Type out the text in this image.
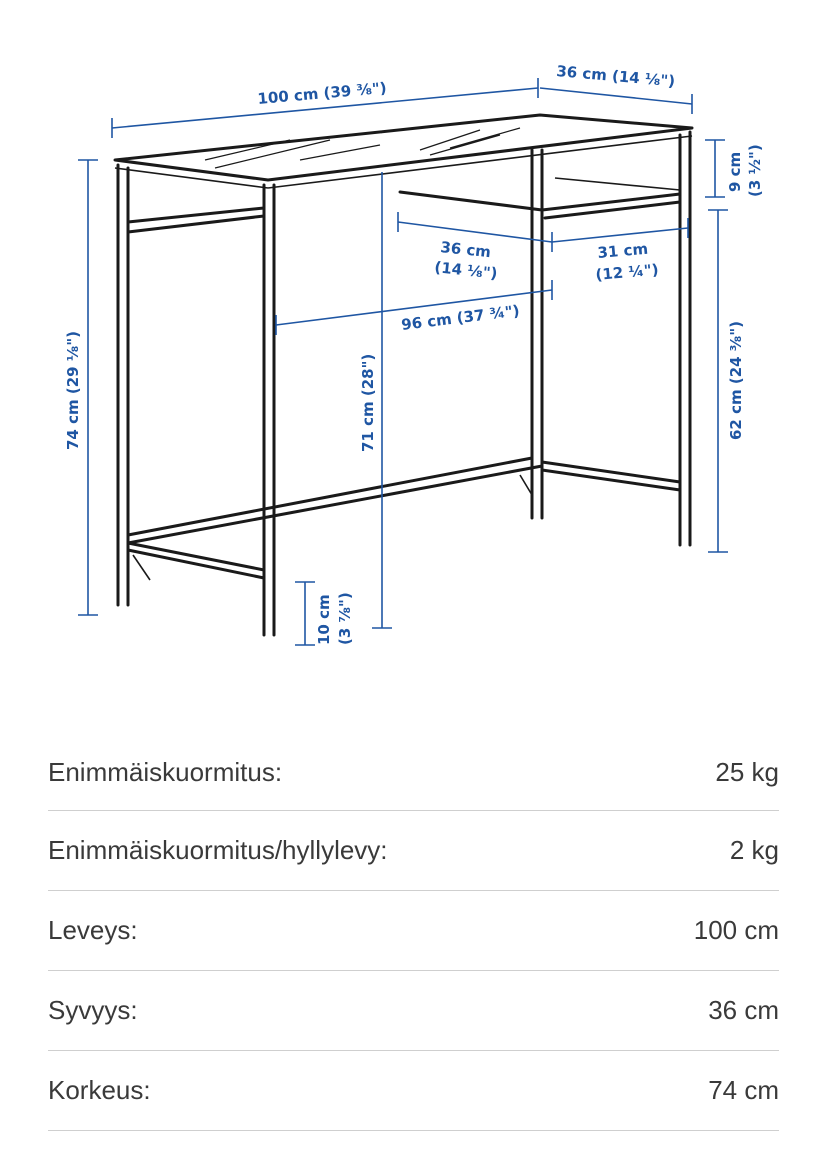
100 cm (39 ⅜")
36 cm (14 ⅛")
9 cm (3 ½")
36 cm
(14 ⅛")
31 cm
(12 ¼")
96 cm (37 ¾")
74 cm (29 ⅛")	71 cm (28")	62 cm (24 ⅜")
10 cm (3 ⅞")
Enimmäiskuormitus:	25 kg
Enimmäiskuormitus/hyllylevy:	2 kg
Leveys:	100 cm
Syvyys:	36 cm
Korkeus:	74 cm
